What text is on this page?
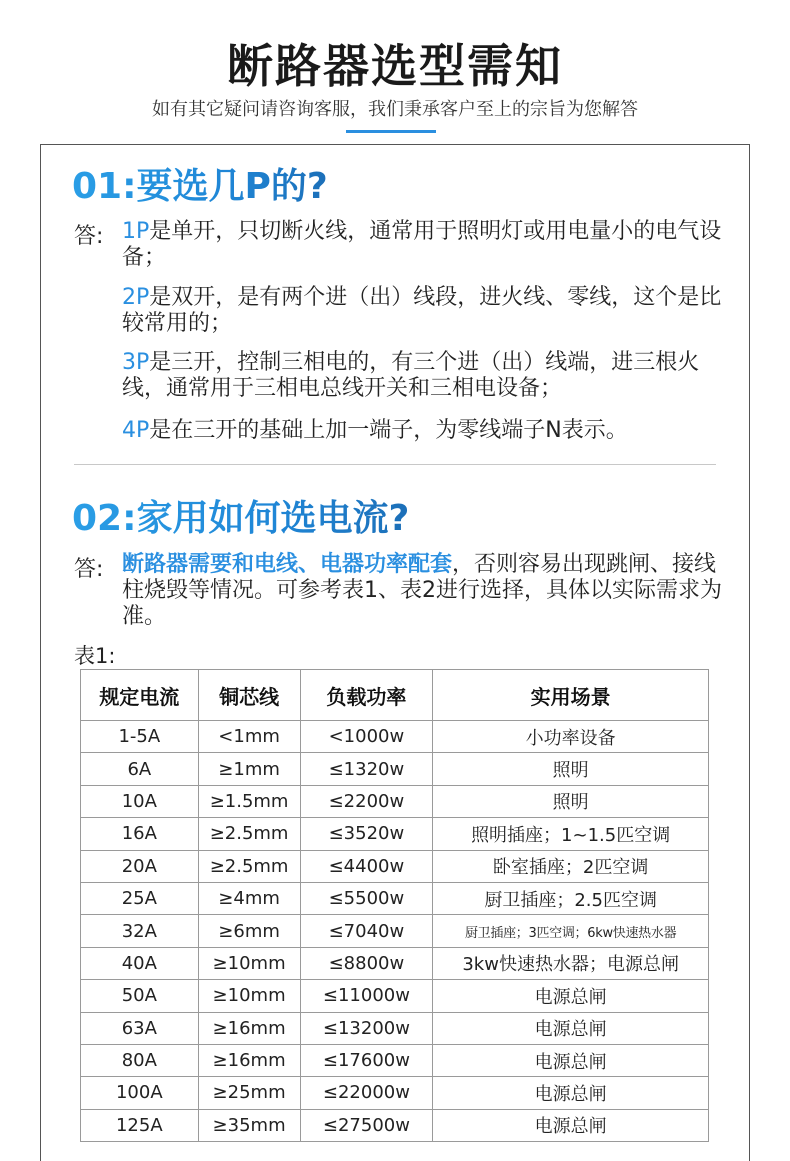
断路器选型需知
如有其它疑问请咨询客服，我们秉承客户至上的宗旨为您解答
01:要选几P的?
答: 1P是单开，只切断火线，通常用于照明灯或用电量小的电气设备；
2P是双开，是有两个进（出）线段，进火线、零线，这个是比较常用的；
3P是三开，控制三相电的，有三个进（出）线端，进三根火线，通常用于三相电总线开关和三相电设备；
4P是在三开的基础上加一端子，为零线端子N表示。
02:家用如何选电流?
答: 断路器需要和电线、电器功率配套，否则容易出现跳闸、接线柱烧毁等情况。可参考表1、表2进行选择，具体以实际需求为准。
表1:
规定电流	铜芯线	负载功率	实用场景
1-5A	<1mm	<1000w	小功率设备
6A	≥1mm	≤1320w	照明
10A	≥1.5mm	≤2200w	照明
16A	≥2.5mm	≤3520w	照明插座；1~1.5匹空调
20A	≥2.5mm	≤4400w	卧室插座；2匹空调
25A	≥4mm	≤5500w	厨卫插座；2.5匹空调
32A	≥6mm	≤7040w	厨卫插座；3匹空调；6kw快速热水器
40A	≥10mm	≤8800w	3kw快速热水器；电源总闸
50A	≥10mm	≤11000w	电源总闸
63A	≥16mm	≤13200w	电源总闸
80A	≥16mm	≤17600w	电源总闸
100A	≥25mm	≤22000w	电源总闸
125A	≥35mm	≤27500w	电源总闸
